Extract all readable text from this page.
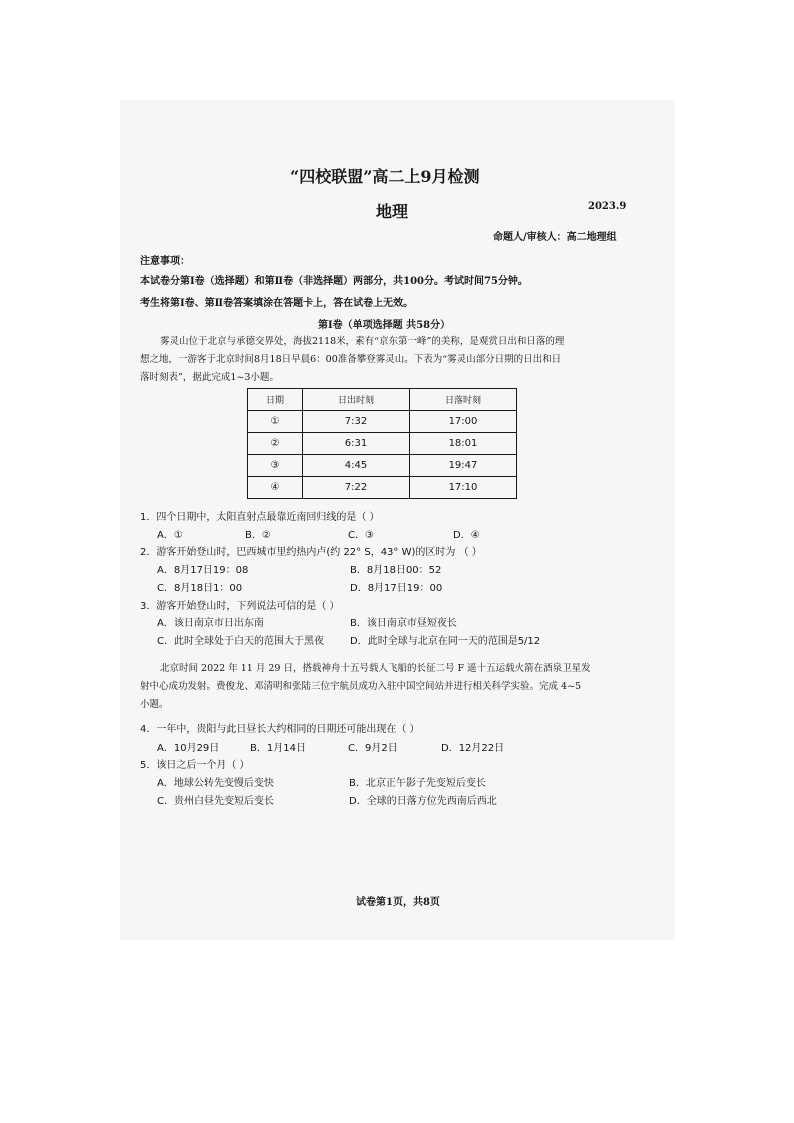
“四校联盟”高二上9月检测
地理	2023.9
命题人/审核人：高二地理组
注意事项：
本试卷分第Ⅰ卷（选择题）和第Ⅱ卷（非选择题）两部分，共100分。考试时间75分钟。
考生将第Ⅰ卷、第Ⅱ卷答案填涂在答题卡上，答在试卷上无效。
第Ⅰ卷（单项选择题 共58分）
雾灵山位于北京与承德交界处，海拔2118米，素有“京东第一峰”的美称，是观赏日出和日落的理
想之地，一游客于北京时间8月18日早晨6：00准备攀登雾灵山。下表为“雾灵山部分日期的日出和日
落时刻表”，据此完成1~3小题。
日期	日出时刻	日落时刻
①	7:32	17:00
②	6:31	18:01
③	4:45	19:47
④	7:22	17:10
1．四个日期中，太阳直射点最靠近南回归线的是（ ）
A．①	B．②	C．③	D．④
2．游客开始登山时，巴西城市里约热内卢(约 22° S，43° W)的区时为 （ ）
A．8月17日19：08	B．8月18日00：52
C．8月18日1：00	D．8月17日19：00
3．游客开始登山时，下列说法可信的是（ ）
A．该日南京市日出东南	B．该日南京市昼短夜长
C．此时全球处于白天的范围大于黑夜	D．此时全球与北京在同一天的范围是5/12
北京时间 2022 年 11 月 29 日，搭载神舟十五号载人飞船的长征二号 F 遥十五运载火箭在酒泉卫星发
射中心成功发射。费俊龙、邓清明和张陆三位宇航员成功入驻中国空间站并进行相关科学实验。完成 4~5
小题。
4．一年中，贵阳与此日昼长大约相同的日期还可能出现在（ ）
A．10月29日	B．1月14日	C．9月2日	D．12月22日
5．该日之后一个月（ ）
A．地球公转先变慢后变快	B．北京正午影子先变短后变长
C．贵州白昼先变短后变长	D．全球的日落方位先西南后西北
试卷第1页，共8页
